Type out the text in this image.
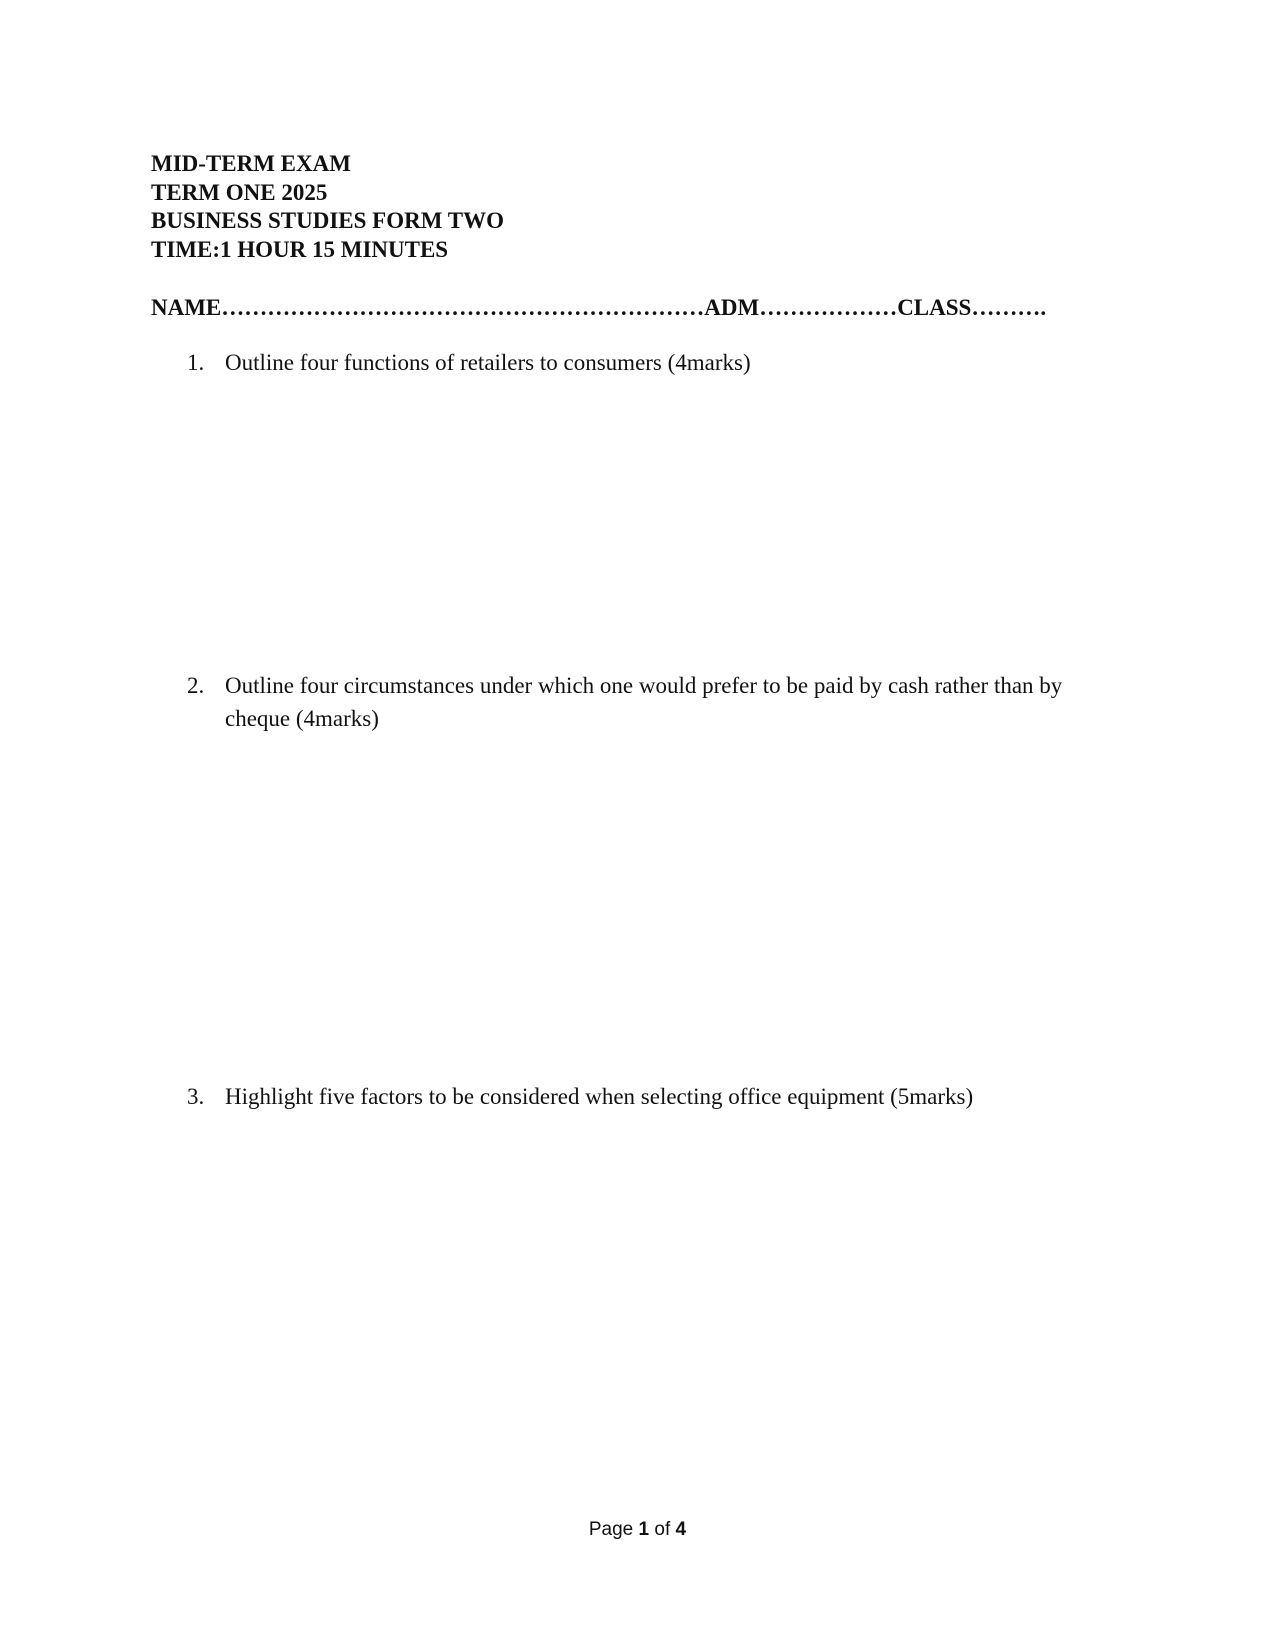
MID-TERM EXAM
TERM ONE 2025
BUSINESS STUDIES FORM TWO
TIME:1 HOUR 15 MINUTES
NAME………………………………………………………ADM………………CLASS……….
1. Outline four functions of retailers to consumers (4marks)
2. Outline four circumstances under which one would prefer to be paid by cash rather than by cheque (4marks)
3. Highlight five factors to be considered when selecting office equipment (5marks)
Page 1 of 4
